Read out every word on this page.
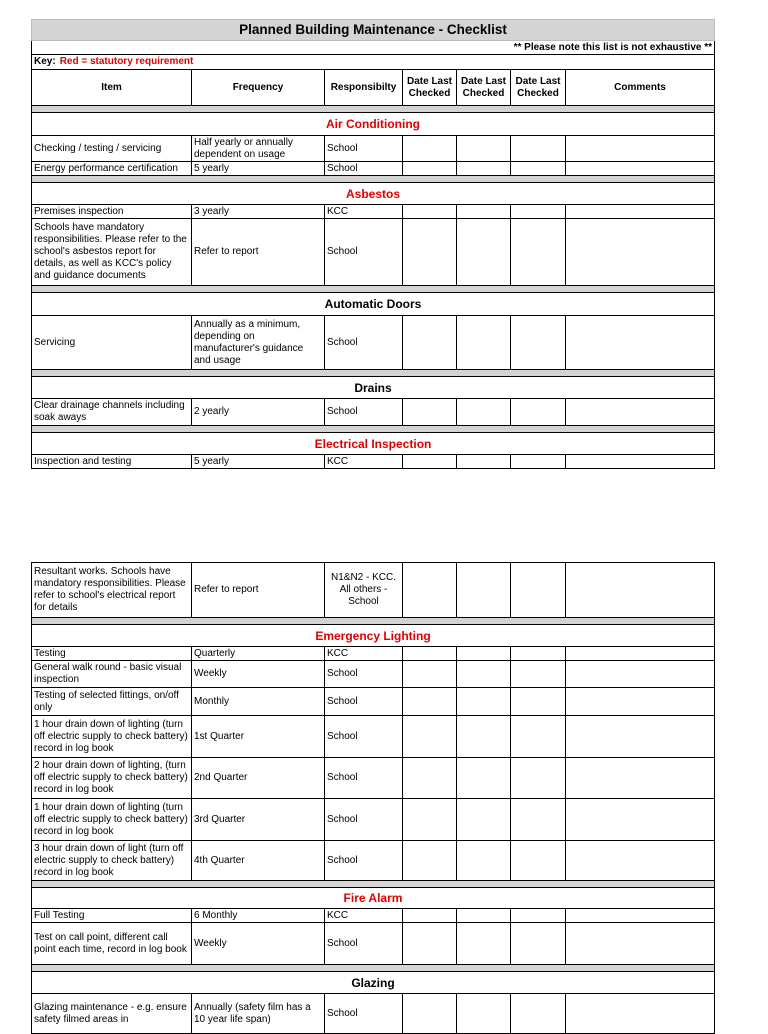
Planned Building Maintenance - Checklist						
** Please note this list is not exhaustive **						
Key: Red = statutory requirement						
Item	Frequency	Responsibilty	Date Last Checked	Date Last Checked	Date Last Checked	Comments

Air Conditioning						
Checking / testing / servicing	Half yearly or annually dependent on usage	School				
Energy performance certification	5 yearly	School				

Asbestos						
Premises inspection	3 yearly	KCC				
Schools have mandatory responsibilities. Please refer to the school's asbestos report for details, as well as KCC's policy and guidance documents	Refer to report	School				

Automatic Doors						
Servicing	Annually as a minimum, depending on manufacturer's guidance and usage	School				

Drains						
Clear drainage channels including soak aways	2 yearly	School				

Electrical Inspection						
Inspection and testing	5 yearly	KCC				
Resultant works. Schools have mandatory responsibilities. Please refer to school's electrical report for details	Refer to report	N1&N2 - KCC. All others - School				

Emergency Lighting						
Testing	Quarterly	KCC				
General walk round - basic visual inspection	Weekly	School				
Testing of selected fittings, on/off only	Monthly	School				
1 hour drain down of lighting (turn off electric supply to check battery) record in log book	1st Quarter	School				
2 hour drain down of lighting, (turn off electric supply to check battery) record in log book	2nd Quarter	School				
1 hour drain down of lighting (turn off electric supply to check battery) record in log book	3rd Quarter	School				
3 hour drain down of light (turn off electric supply to check battery) record in log book	4th Quarter	School				

Fire Alarm						
Full Testing	6 Monthly	KCC				
Test on call point, different call point each time, record in log book	Weekly	School				

Glazing						
Glazing maintenance - e.g. ensure safety filmed areas in	Annually (safety film has a 10 year life span)	School				
